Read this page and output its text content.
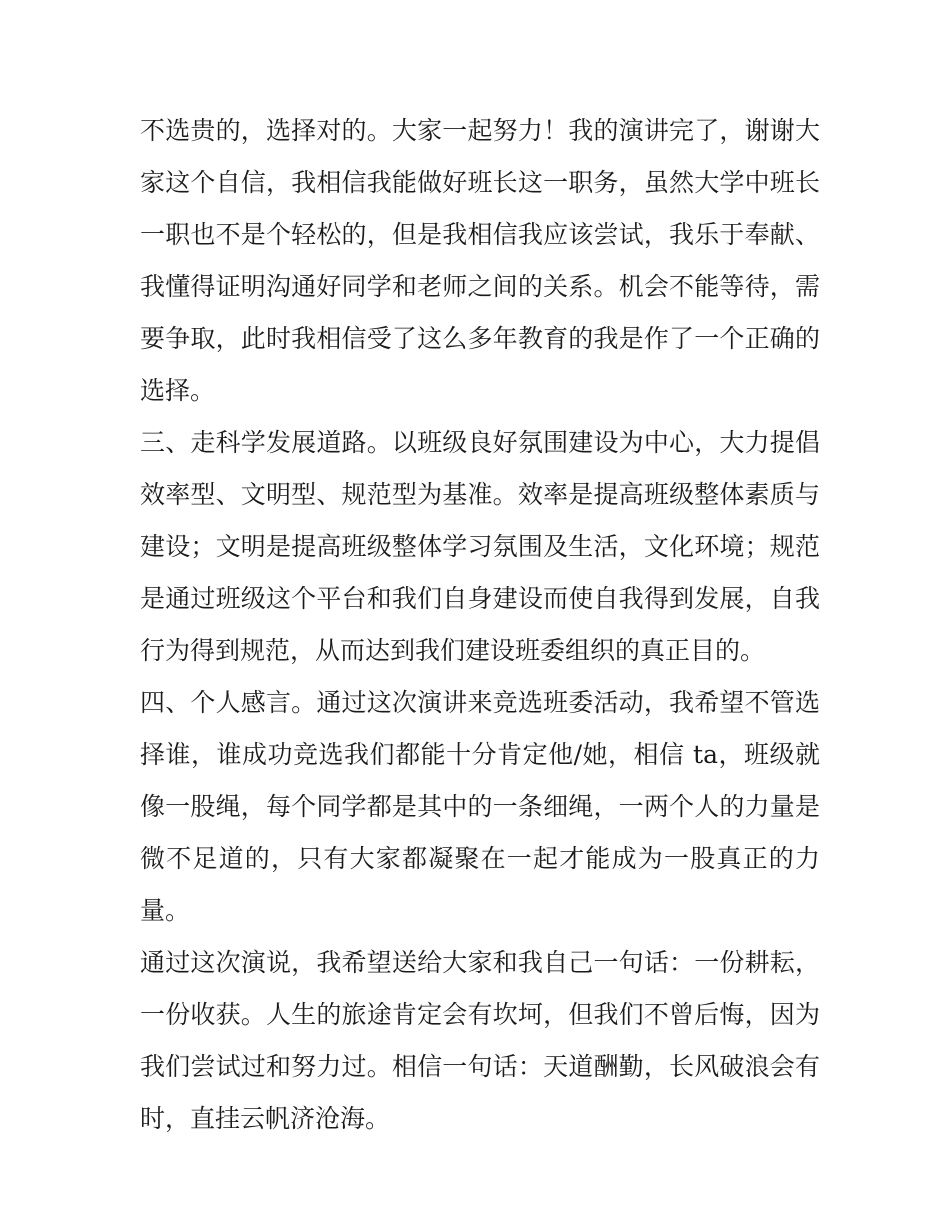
不选贵的，选择对的。大家一起努力！我的演讲完了，谢谢大
家这个自信，我相信我能做好班长这一职务，虽然大学中班长
一职也不是个轻松的，但是我相信我应该尝试，我乐于奉献、
我懂得证明沟通好同学和老师之间的关系。机会不能等待，需
要争取，此时我相信受了这么多年教育的我是作了一个正确的
选择。
三、走科学发展道路。以班级良好氛围建设为中心，大力提倡
效率型、文明型、规范型为基准。效率是提高班级整体素质与
建设；文明是提高班级整体学习氛围及生活，文化环境；规范
是通过班级这个平台和我们自身建设而使自我得到发展，自我
行为得到规范，从而达到我们建设班委组织的真正目的。
四、个人感言。通过这次演讲来竞选班委活动，我希望不管选
择谁，谁成功竞选我们都能十分肯定他/她，相信 ta，班级就
像一股绳，每个同学都是其中的一条细绳，一两个人的力量是
微不足道的，只有大家都凝聚在一起才能成为一股真正的力
量。
通过这次演说，我希望送给大家和我自己一句话：一份耕耘，
一份收获。人生的旅途肯定会有坎坷，但我们不曾后悔，因为
我们尝试过和努力过。相信一句话：天道酬勤，长风破浪会有
时，直挂云帆济沧海。
